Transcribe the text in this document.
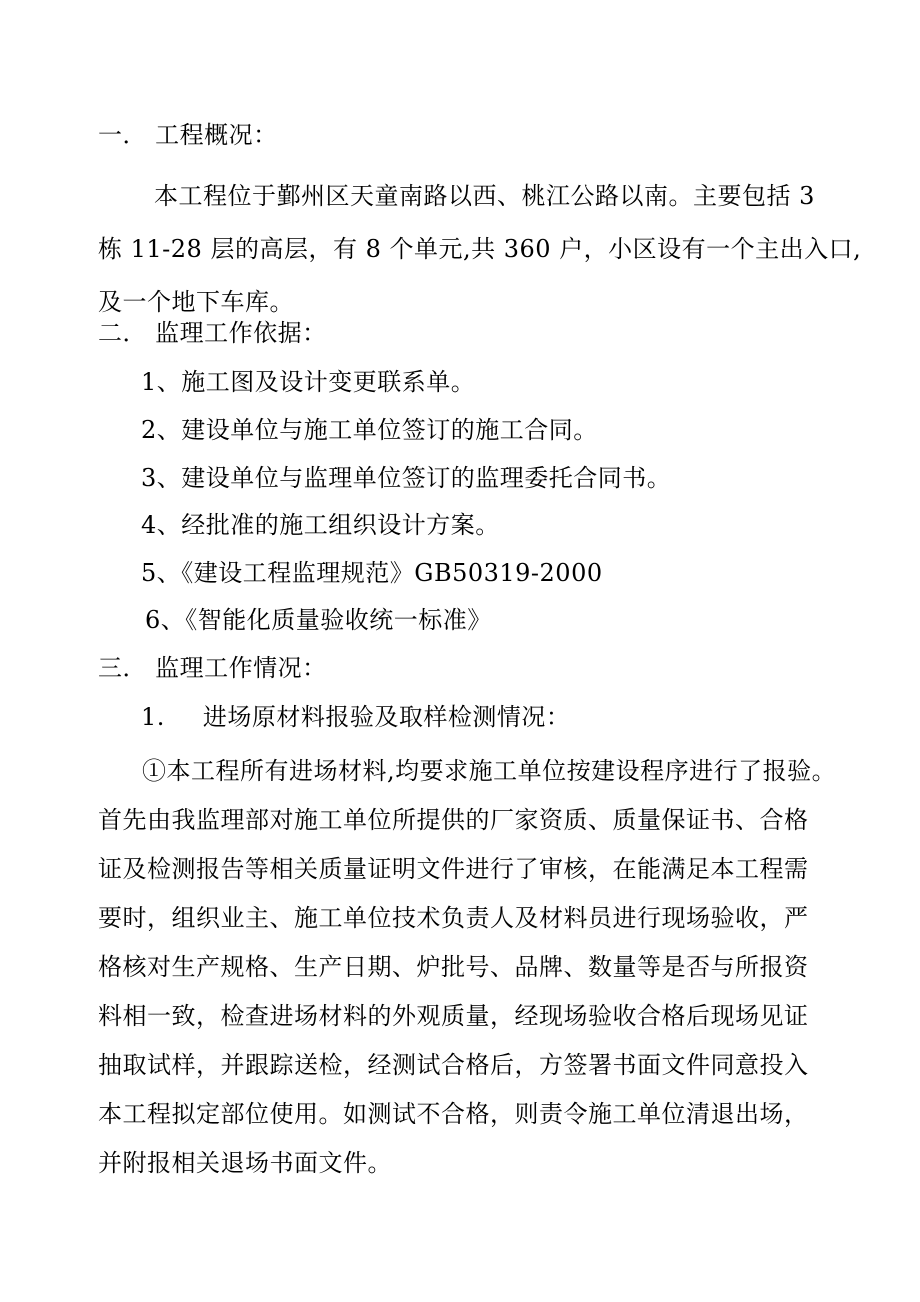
一． 工程概况：
本工程位于鄞州区天童南路以西、桃江公路以南。主要包括 3
栋 11-28 层的高层，有 8 个单元,共 360 户，小区设有一个主出入口,
及一个地下车库。
二． 监理工作依据：
1、施工图及设计变更联系单。
2、建设单位与施工单位签订的施工合同。
3、建设单位与监理单位签订的监理委托合同书。
4、经批准的施工组织设计方案。
5、《建设工程监理规范》GB50319-2000
6、《智能化质量验收统一标准》
三． 监理工作情况：
1. 进场原材料报验及取样检测情况：
①本工程所有进场材料,均要求施工单位按建设程序进行了报验。
首先由我监理部对施工单位所提供的厂家资质、质量保证书、合格
证及检测报告等相关质量证明文件进行了审核，在能满足本工程需
要时，组织业主、施工单位技术负责人及材料员进行现场验收，严
格核对生产规格、生产日期、炉批号、品牌、数量等是否与所报资
料相一致，检查进场材料的外观质量，经现场验收合格后现场见证
抽取试样，并跟踪送检，经测试合格后，方签署书面文件同意投入
本工程拟定部位使用。如测试不合格，则责令施工单位清退出场，
并附报相关退场书面文件。
